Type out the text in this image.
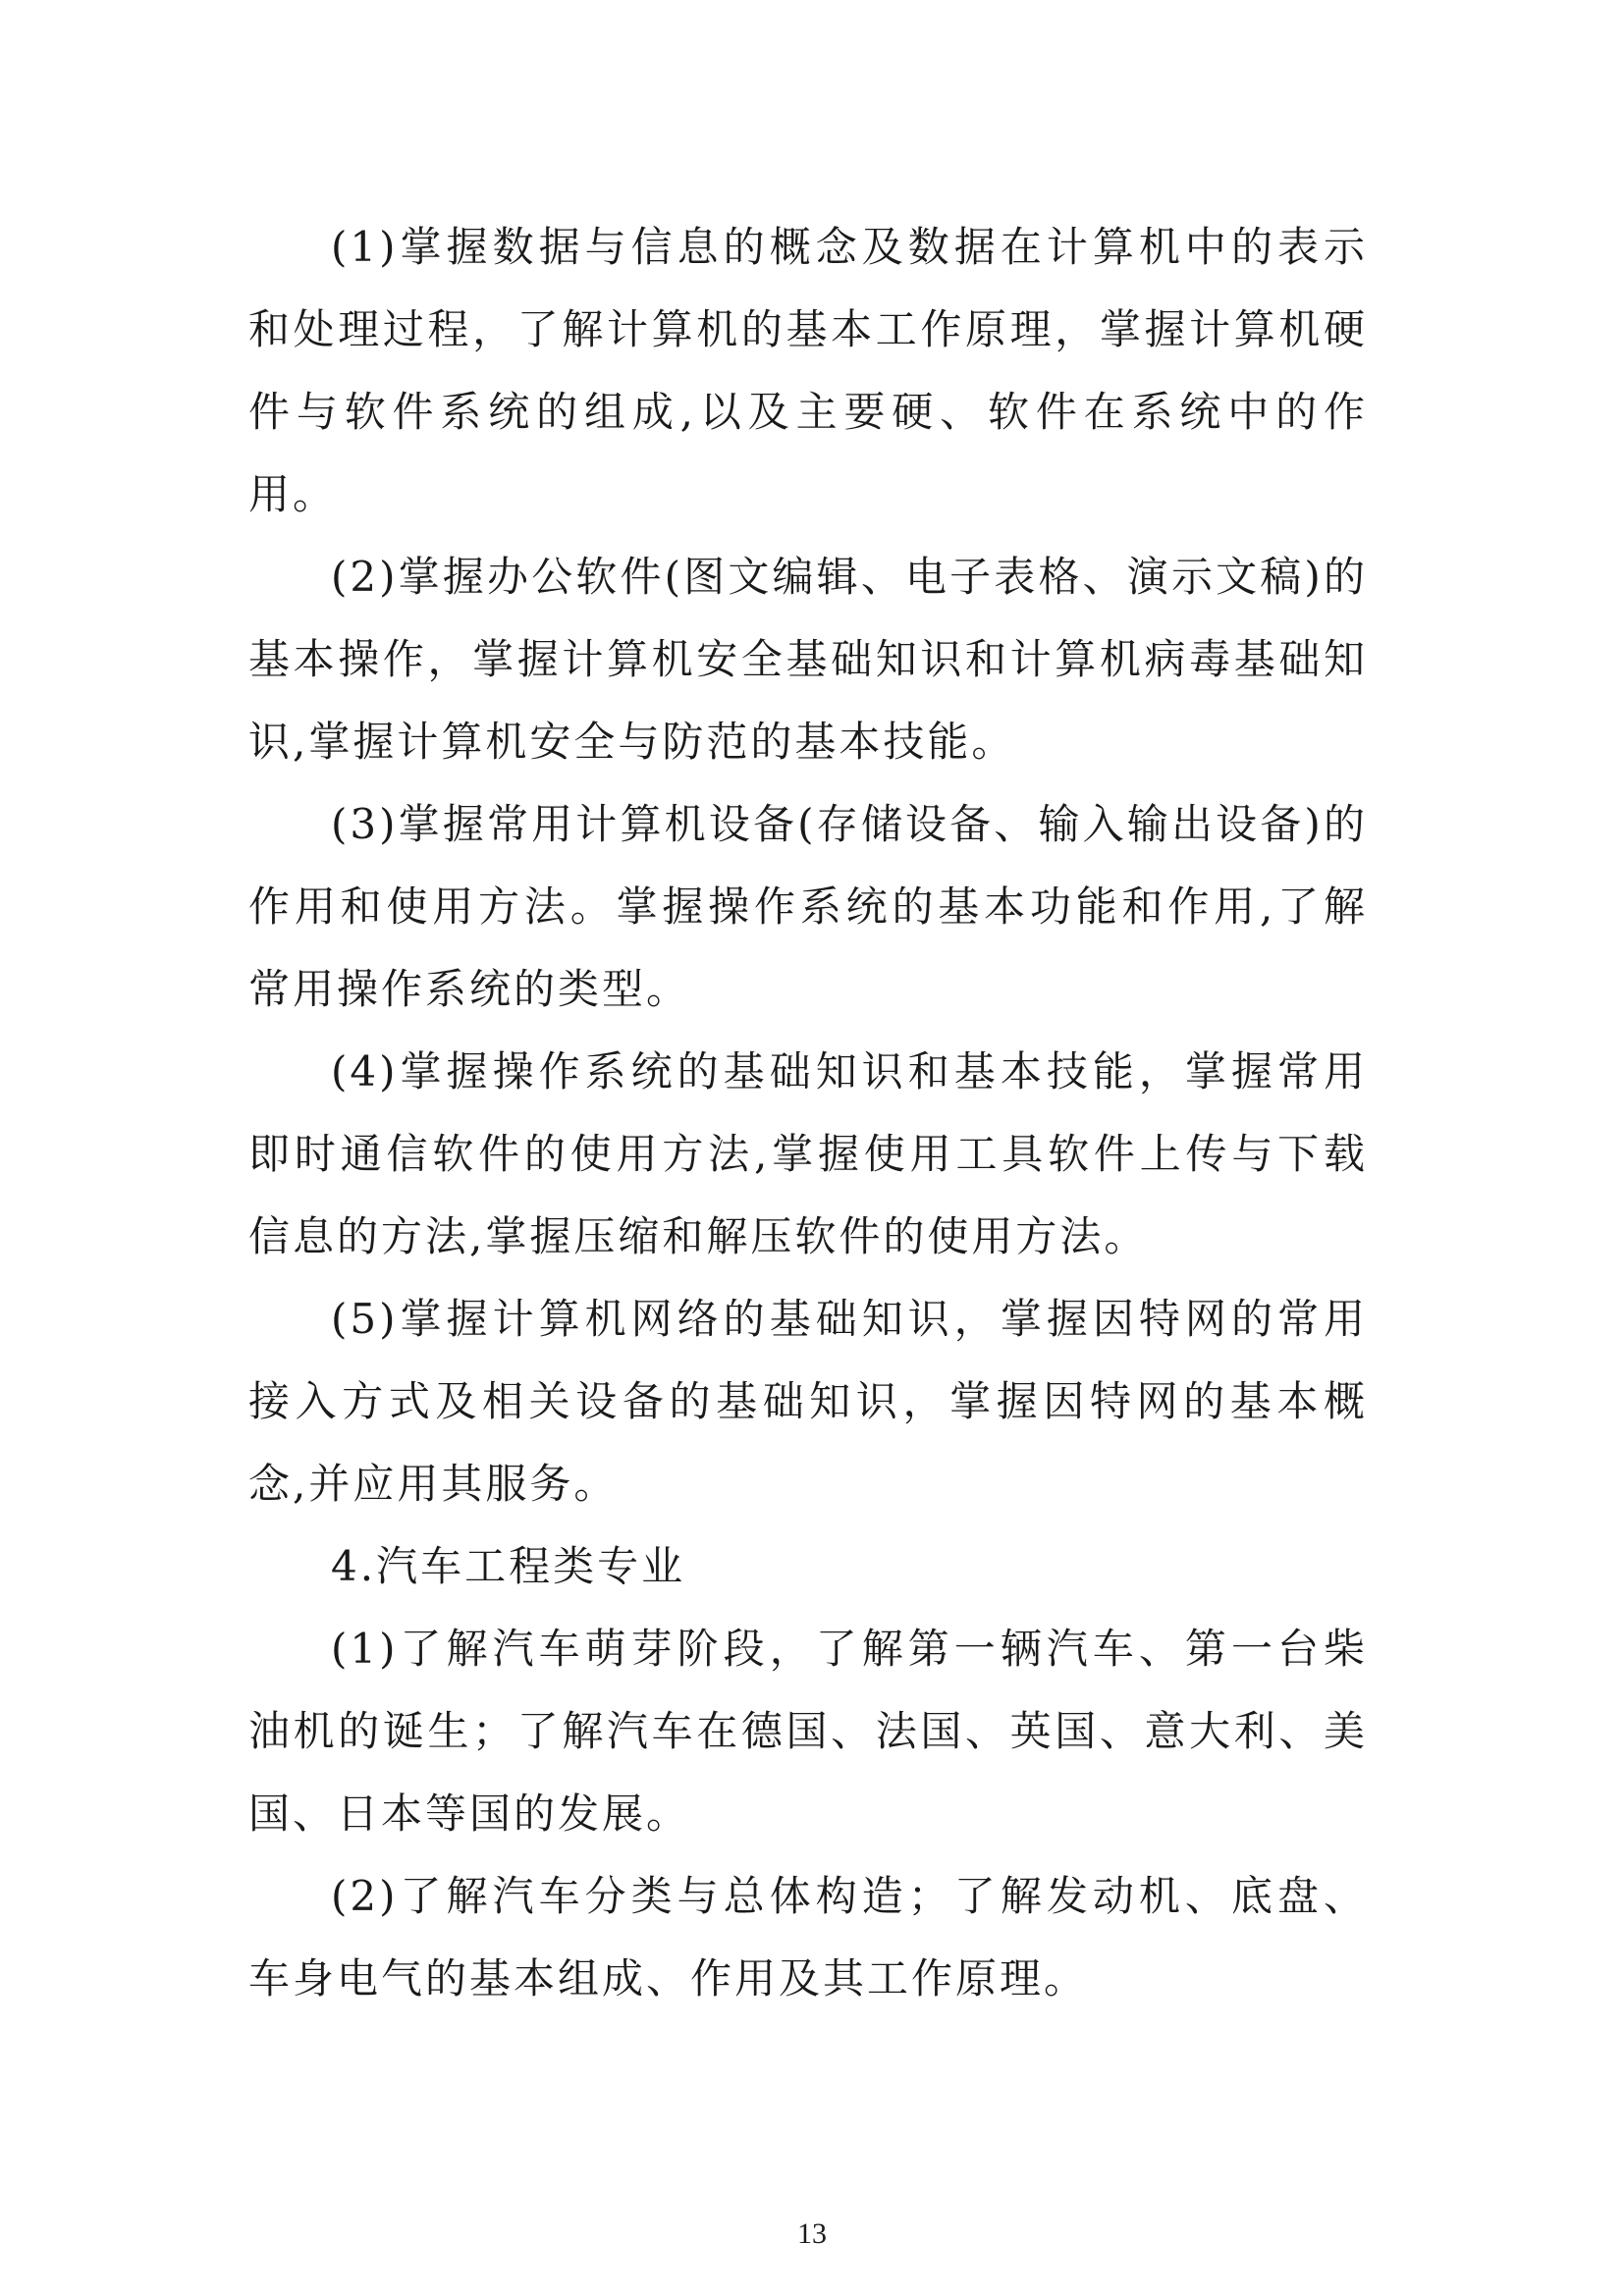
(1)掌握数据与信息的概念及数据在计算机中的表示和处理过程，了解计算机的基本工作原理，掌握计算机硬件与软件系统的组成,以及主要硬、软件在系统中的作用。

(2)掌握办公软件(图文编辑、电子表格、演示文稿)的基本操作，掌握计算机安全基础知识和计算机病毒基础知识,掌握计算机安全与防范的基本技能。

(3)掌握常用计算机设备(存储设备、输入输出设备)的作用和使用方法。掌握操作系统的基本功能和作用,了解常用操作系统的类型。

(4)掌握操作系统的基础知识和基本技能，掌握常用即时通信软件的使用方法,掌握使用工具软件上传与下载信息的方法,掌握压缩和解压软件的使用方法。

(5)掌握计算机网络的基础知识，掌握因特网的常用接入方式及相关设备的基础知识，掌握因特网的基本概念,并应用其服务。

4.汽车工程类专业

(1)了解汽车萌芽阶段，了解第一辆汽车、第一台柴油机的诞生；了解汽车在德国、法国、英国、意大利、美国、日本等国的发展。

(2)了解汽车分类与总体构造；了解发动机、底盘、车身电气的基本组成、作用及其工作原理。

13
